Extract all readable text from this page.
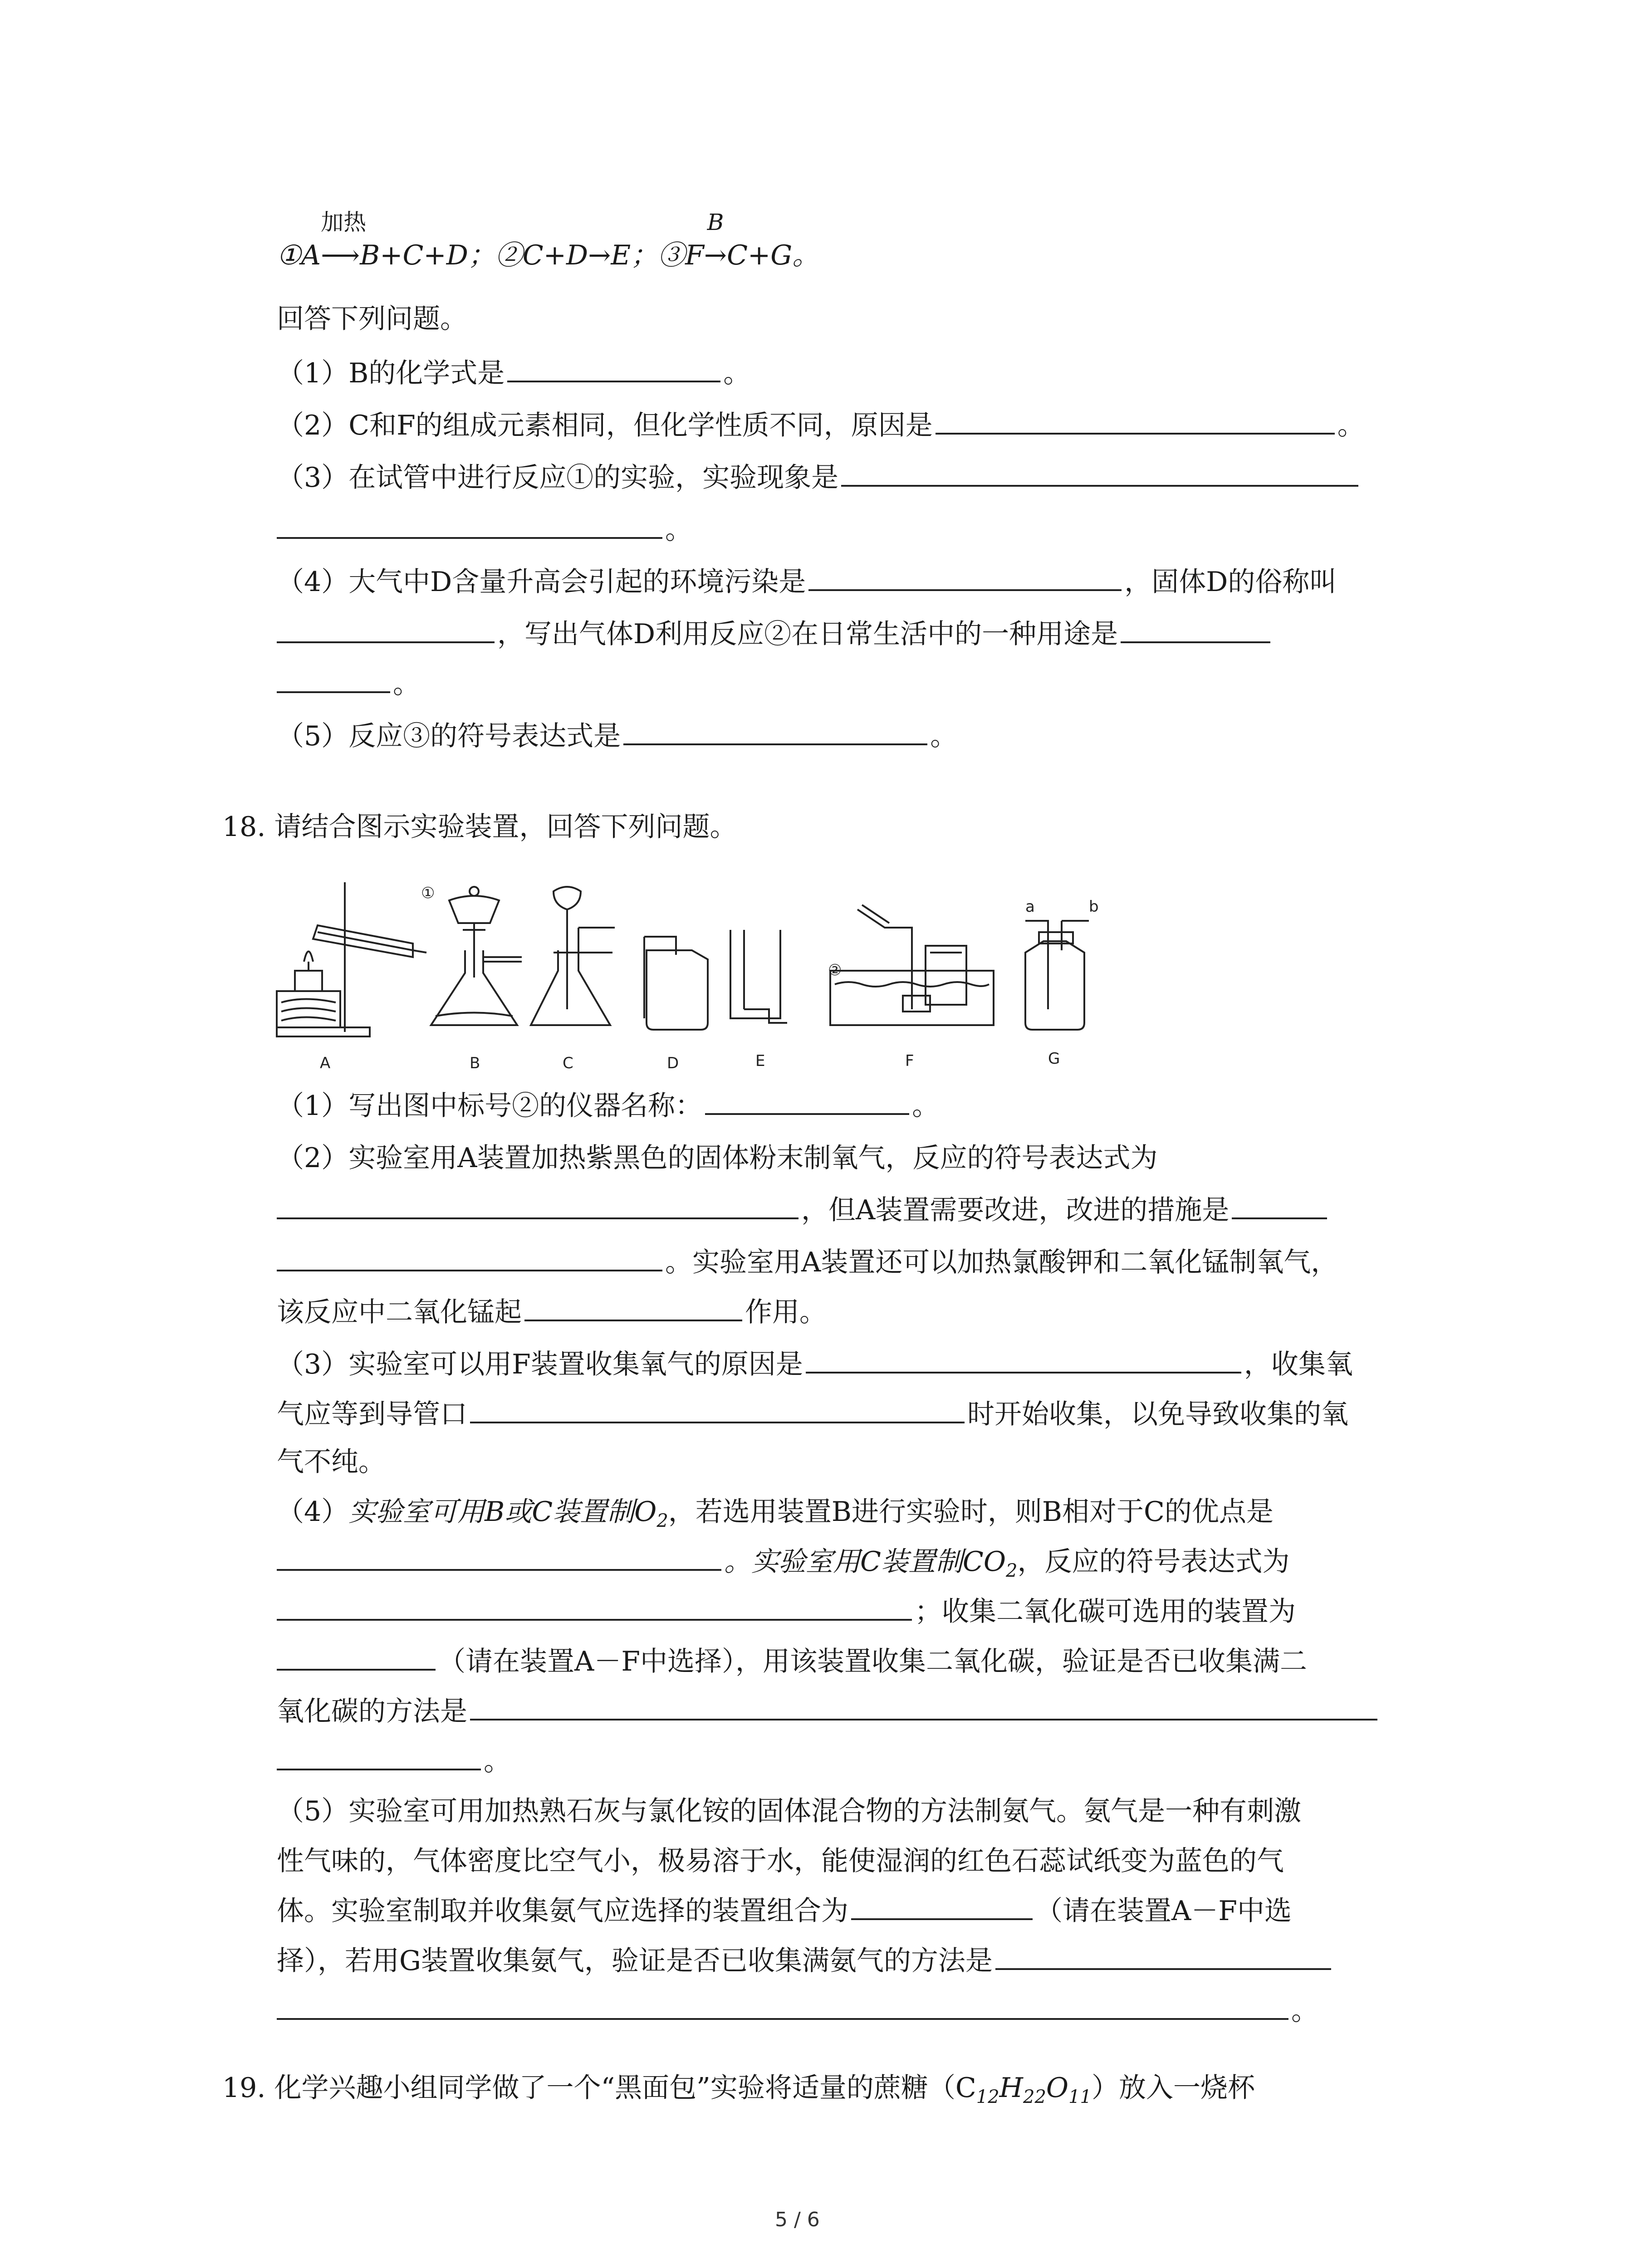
①A
加热
⟶B+C+D；②C+D→E；③F
B
→C+G。
回答下列问题。
（1）B的化学式是	。
（2）C和F的组成元素相同，但化学性质不同，原因是	。
（3）在试管中进行反应①的实验，实验现象是
。
（4）大气中D含量升高会引起的环境污染是	，固体D的俗称叫
，写出气体D利用反应②在日常生活中的一种用途是
。
（5）反应③的符号表达式是	。
18. 请结合图示实验装置，回答下列问题。
A	B	C	D	E	F	G
①
②
a	b
（1）写出图中标号②的仪器名称：	。
（2）实验室用A装置加热紫黑色的固体粉末制氧气，反应的符号表达式为
，但A装置需要改进，改进的措施是
。实验室用A装置还可以加热氯酸钾和二氧化锰制氧气，
该反应中二氧化锰起	作用。
（3）实验室可以用F装置收集氧气的原因是	，收集氧
气应等到导管口	时开始收集，以免导致收集的氧
气不纯。
（4）实验室可用B或C装置制$O_2$，若选用装置B进行实验时，则B相对于C的优点是
。实验室用C装置制$CO_2$，反应的符号表达式为
；收集二氧化碳可选用的装置为
（请在装置A－F中选择），用该装置收集二氧化碳，验证是否已收集满二
氧化碳的方法是
。
（5）实验室可用加热熟石灰与氯化铵的固体混合物的方法制氨气。氨气是一种有刺激
性气味的，气体密度比空气小，极易溶于水，能使湿润的红色石蕊试纸变为蓝色的气
体。实验室制取并收集氨气应选择的装置组合为	（请在装置A－F中选
择），若用G装置收集氨气，验证是否已收集满氨气的方法是
。
19. 化学兴趣小组同学做了一个“黑面包”实验将适量的蔗糖$(C_{12}H_{22}O_{11})$放入一烧杯
5 / 6
